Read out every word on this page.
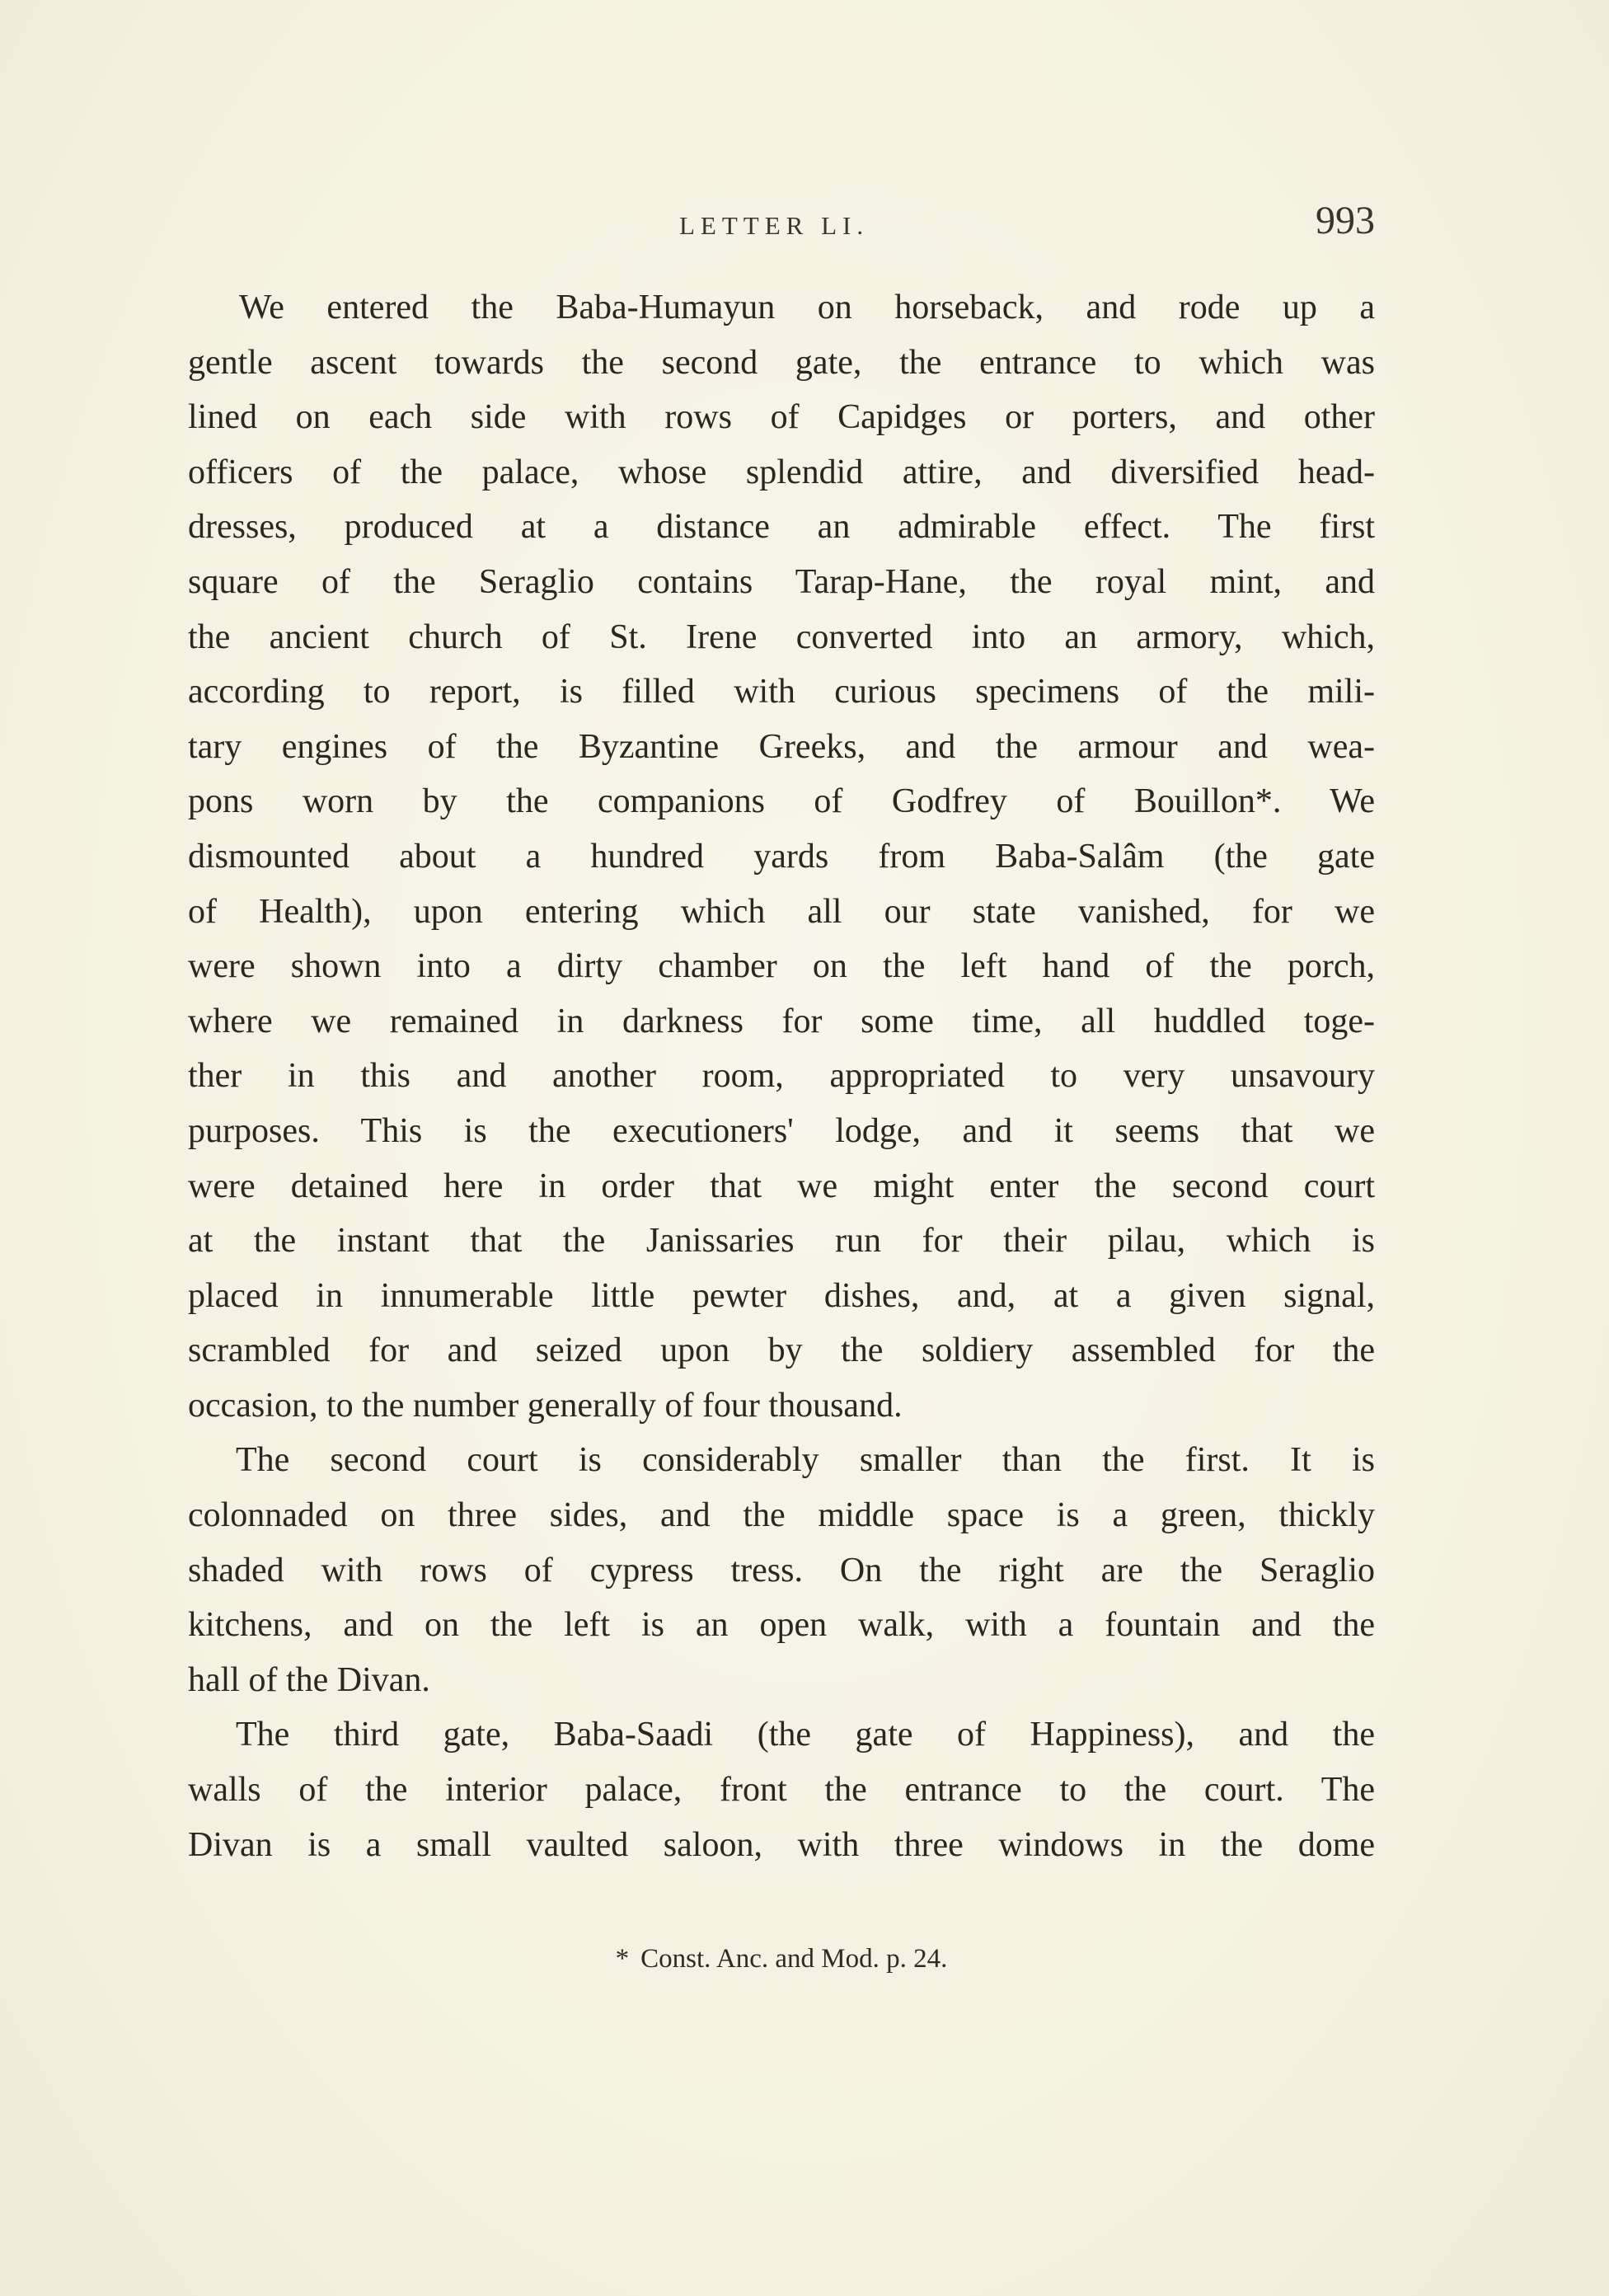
LETTER LI.	993
We entered the Baba-Humayun on horseback, and rode up a
gentle ascent towards the second gate, the entrance to which was
lined on each side with rows of Capidges or porters, and other
officers of the palace, whose splendid attire, and diversified head-
dresses, produced at a distance an admirable effect. The first
square of the Seraglio contains Tarap-Hane, the royal mint, and
the ancient church of St. Irene converted into an armory, which,
according to report, is filled with curious specimens of the mili-
tary engines of the Byzantine Greeks, and the armour and wea-
pons worn by the companions of Godfrey of Bouillon*. We
dismounted about a hundred yards from Baba-Salâm (the gate
of Health), upon entering which all our state vanished, for we
were shown into a dirty chamber on the left hand of the porch,
where we remained in darkness for some time, all huddled toge-
ther in this and another room, appropriated to very unsavoury
purposes. This is the executioners' lodge, and it seems that we
were detained here in order that we might enter the second court
at the instant that the Janissaries run for their pilau, which is
placed in innumerable little pewter dishes, and, at a given signal,
scrambled for and seized upon by the soldiery assembled for the
occasion, to the number generally of four thousand.
The second court is considerably smaller than the first. It is
colonnaded on three sides, and the middle space is a green, thickly
shaded with rows of cypress tress. On the right are the Seraglio
kitchens, and on the left is an open walk, with a fountain and the
hall of the Divan.
The third gate, Baba-Saadi (the gate of Happiness), and the
walls of the interior palace, front the entrance to the court. The
Divan is a small vaulted saloon, with three windows in the dome
* Const. Anc. and Mod. p. 24.
